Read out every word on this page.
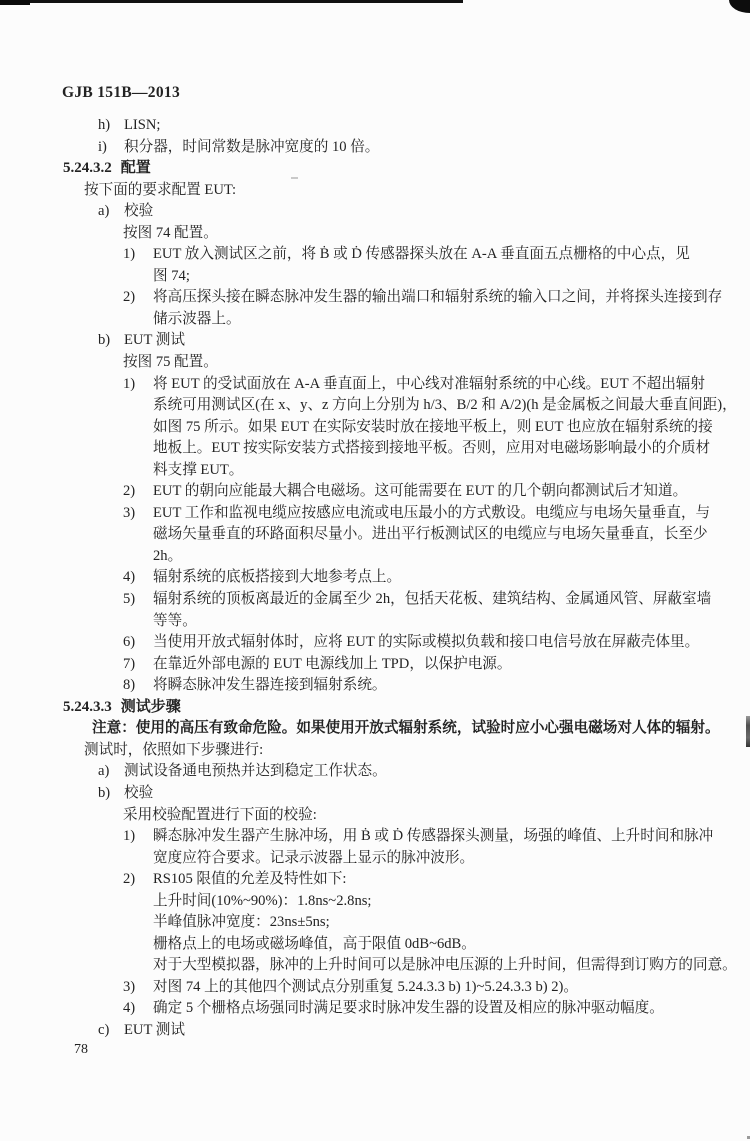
GJB 151B—2013
h) LISN;
i) 积分器，时间常数是脉冲宽度的 10 倍。
5.24.3.2 配置
按下面的要求配置 EUT:
a) 校验
按图 74 配置。
1) EUT 放入测试区之前，将 Ḃ 或 Ḋ 传感器探头放在 A-A 垂直面五点栅格的中心点，见
图 74;
2) 将高压探头接在瞬态脉冲发生器的输出端口和辐射系统的输入口之间，并将探头连接到存
储示波器上。
b) EUT 测试
按图 75 配置。
1) 将 EUT 的受试面放在 A-A 垂直面上，中心线对准辐射系统的中心线。EUT 不超出辐射
系统可用测试区(在 x、y、z 方向上分别为 h/3、B/2 和 A/2)(h 是金属板之间最大垂直间距)，
如图 75 所示。如果 EUT 在实际安装时放在接地平板上，则 EUT 也应放在辐射系统的接
地板上。EUT 按实际安装方式搭接到接地平板。否则，应用对电磁场影响最小的介质材
料支撑 EUT。
2) EUT 的朝向应能最大耦合电磁场。这可能需要在 EUT 的几个朝向都测试后才知道。
3) EUT 工作和监视电缆应按感应电流或电压最小的方式敷设。电缆应与电场矢量垂直，与
磁场矢量垂直的环路面积尽量小。进出平行板测试区的电缆应与电场矢量垂直，长至少
2h。
4) 辐射系统的底板搭接到大地参考点上。
5) 辐射系统的顶板离最近的金属至少 2h，包括天花板、建筑结构、金属通风管、屏蔽室墙
等等。
6) 当使用开放式辐射体时，应将 EUT 的实际或模拟负载和接口电信号放在屏蔽壳体里。
7) 在靠近外部电源的 EUT 电源线加上 TPD，以保护电源。
8) 将瞬态脉冲发生器连接到辐射系统。
5.24.3.3 测试步骤
注意：使用的高压有致命危险。如果使用开放式辐射系统，试验时应小心强电磁场对人体的辐射。
测试时，依照如下步骤进行:
a) 测试设备通电预热并达到稳定工作状态。
b) 校验
采用校验配置进行下面的校验:
1) 瞬态脉冲发生器产生脉冲场，用 Ḃ 或 Ḋ 传感器探头测量，场强的峰值、上升时间和脉冲
宽度应符合要求。记录示波器上显示的脉冲波形。
2) RS105 限值的允差及特性如下:
上升时间(10%~90%)：1.8ns~2.8ns;
半峰值脉冲宽度：23ns±5ns;
栅格点上的电场或磁场峰值，高于限值 0dB~6dB。
对于大型模拟器，脉冲的上升时间可以是脉冲电压源的上升时间，但需得到订购方的同意。
3) 对图 74 上的其他四个测试点分别重复 5.24.3.3 b) 1)~5.24.3.3 b) 2)。
4) 确定 5 个栅格点场强同时满足要求时脉冲发生器的设置及相应的脉冲驱动幅度。
c) EUT 测试
78
